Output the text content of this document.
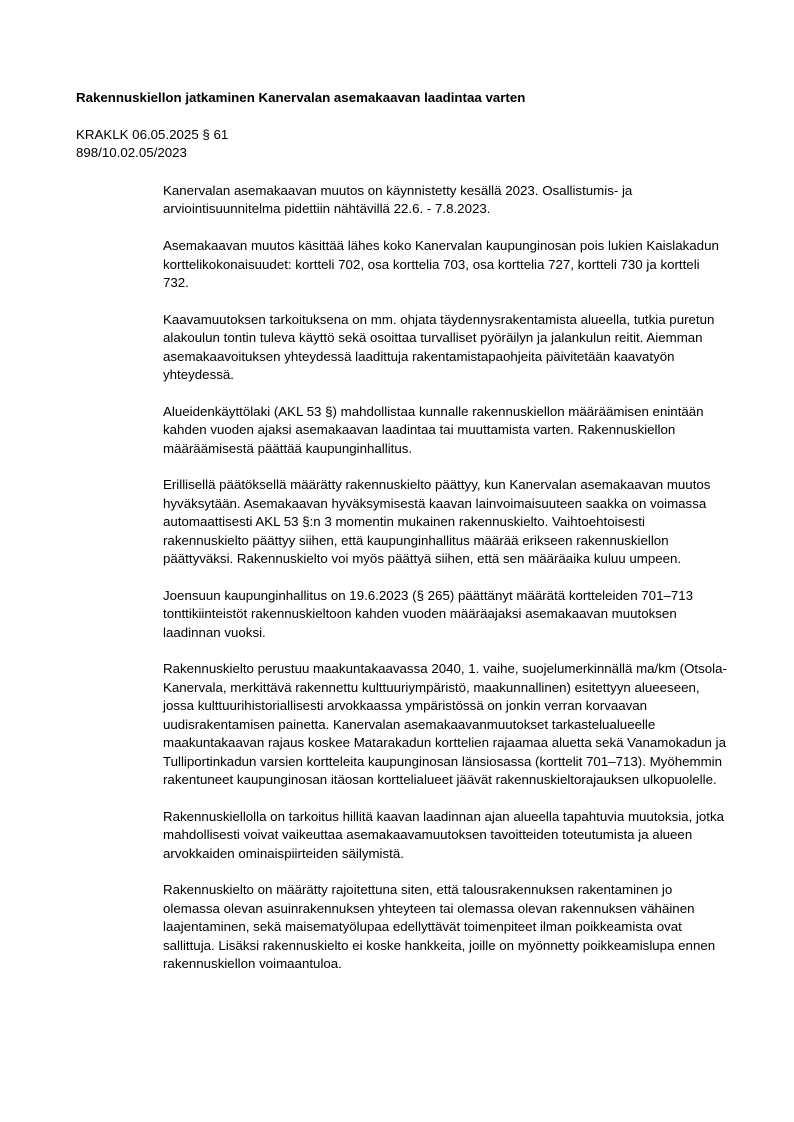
Rakennuskiellon jatkaminen Kanervalan asemakaavan laadintaa varten
KRAKLK 06.05.2025 § 61
898/10.02.05/2023

Kanervalan asemakaavan muutos on käynnistetty kesällä 2023. Osallistumis- ja arviointisuunnitelma pidettiin nähtävillä 22.6. - 7.8.2023.

Asemakaavan muutos käsittää lähes koko Kanervalan kaupunginosan pois lukien Kaislakadun korttelikokonaisuudet: kortteli 702, osa korttelia 703, osa korttelia 727, kortteli 730 ja kortteli 732.

Kaavamuutoksen tarkoituksena on mm. ohjata täydennysrakentamista alueella, tutkia puretun alakoulun tontin tuleva käyttö sekä osoittaa turvalliset pyöräilyn ja jalankulun reitit. Aiemman asemakaavoituksen yhteydessä laadittuja rakentamistapaohjeita päivitetään kaavatyön yhteydessä.

Alueidenkäyttölaki (AKL 53 §) mahdollistaa kunnalle rakennuskiellon määräämisen enintään kahden vuoden ajaksi asemakaavan laadintaa tai muuttamista varten. Rakennuskiellon määräämisestä päättää kaupunginhallitus.

Erillisellä päätöksellä määrätty rakennuskielto päättyy, kun Kanervalan asemakaavan muutos hyväksytään. Asemakaavan hyväksymisestä kaavan lainvoimaisuuteen saakka on voimassa automaattisesti AKL 53 §:n 3 momentin mukainen rakennuskielto. Vaihtoehtoisesti rakennuskielto päättyy siihen, että kaupunginhallitus määrää erikseen rakennuskiellon päättyväksi. Rakennuskielto voi myös päättyä siihen, että sen määräaika kuluu umpeen.

Joensuun kaupunginhallitus on 19.6.2023 (§ 265) päättänyt määrätä kortteleiden 701–713 tonttikiinteistöt rakennuskieltoon kahden vuoden määräajaksi asemakaavan muutoksen laadinnan vuoksi.

Rakennuskielto perustuu maakuntakaavassa 2040, 1. vaihe, suojelumerkinnällä ma/km (Otsola-Kanervala, merkittävä rakennettu kulttuuriympäristö, maakunnallinen) esitettyyn alueeseen, jossa kulttuurihistoriallisesti arvokkaassa ympäristössä on jonkin verran korvaavan uudisrakentamisen painetta. Kanervalan asemakaavanmuutokset tarkastelualueelle maakuntakaavan rajaus koskee Matarakadun korttelien rajaamaa aluetta sekä Vanamokadun ja Tulliportinkadun varsien kortteleita kaupunginosan länsiosassa (korttelit 701–713). Myöhemmin rakentuneet kaupunginosan itäosan korttelialueet jäävät rakennuskieltorajauksen ulkopuolelle.

Rakennuskiellolla on tarkoitus hillitä kaavan laadinnan ajan alueella tapahtuvia muutoksia, jotka mahdollisesti voivat vaikeuttaa asemakaavamuutoksen tavoitteiden toteutumista ja alueen arvokkaiden ominaispiirteiden säilymistä.

Rakennuskielto on määrätty rajoitettuna siten, että talousrakennuksen rakentaminen jo olemassa olevan asuinrakennuksen yhteyteen tai olemassa olevan rakennuksen vähäinen laajentaminen, sekä maisematyölupaa edellyttävät toimenpiteet ilman poikkeamista ovat sallittuja. Lisäksi rakennuskielto ei koske hankkeita, joille on myönnetty poikkeamislupa ennen rakennuskiellon voimaantuloa.
